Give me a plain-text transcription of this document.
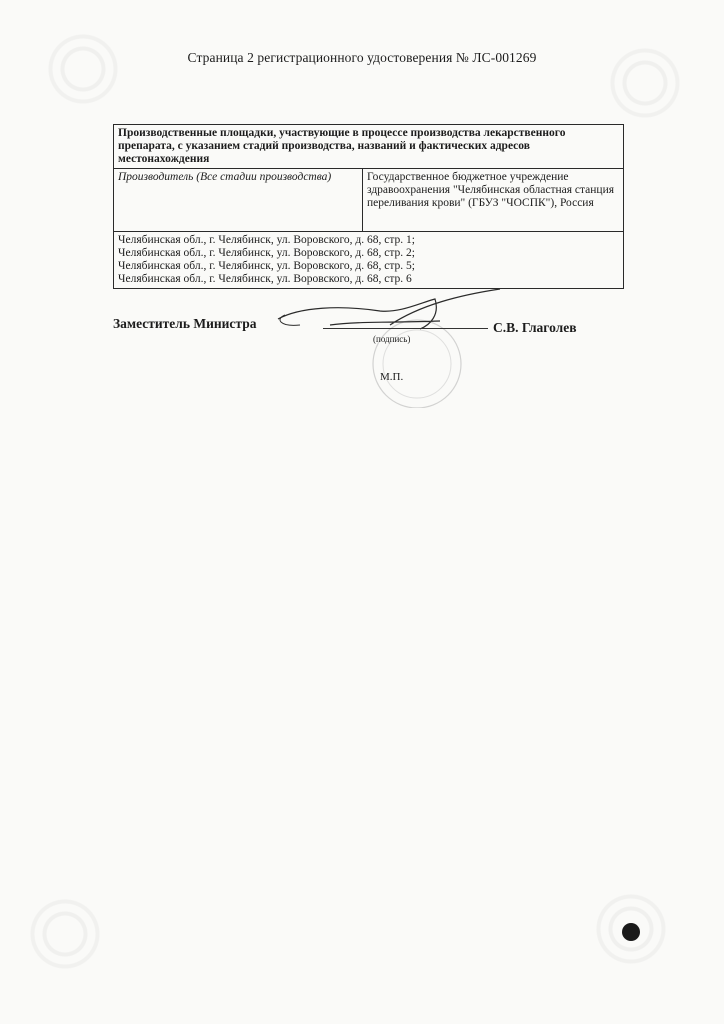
Страница 2 регистрационного удостоверения № ЛС-001269
Производственные площадки, участвующие в процессе производства лекарственного препарата, с указанием стадий производства, названий и фактических адресов местонахождения
Производитель (Все стадии производства)	Государственное бюджетное учреждение здравоохранения "Челябинская областная станция переливания крови" (ГБУЗ "ЧОСПК"), Россия

Челябинская обл., г. Челябинск, ул. Воровского, д. 68, стр. 1;
Челябинская обл., г. Челябинск, ул. Воровского, д. 68, стр. 2;
Челябинская обл., г. Челябинск, ул. Воровского, д. 68, стр. 5;
Челябинская обл., г. Челябинск, ул. Воровского, д. 68, стр. 6
Заместитель Министра
(подпись)
С.В. Глаголев
М.П.
